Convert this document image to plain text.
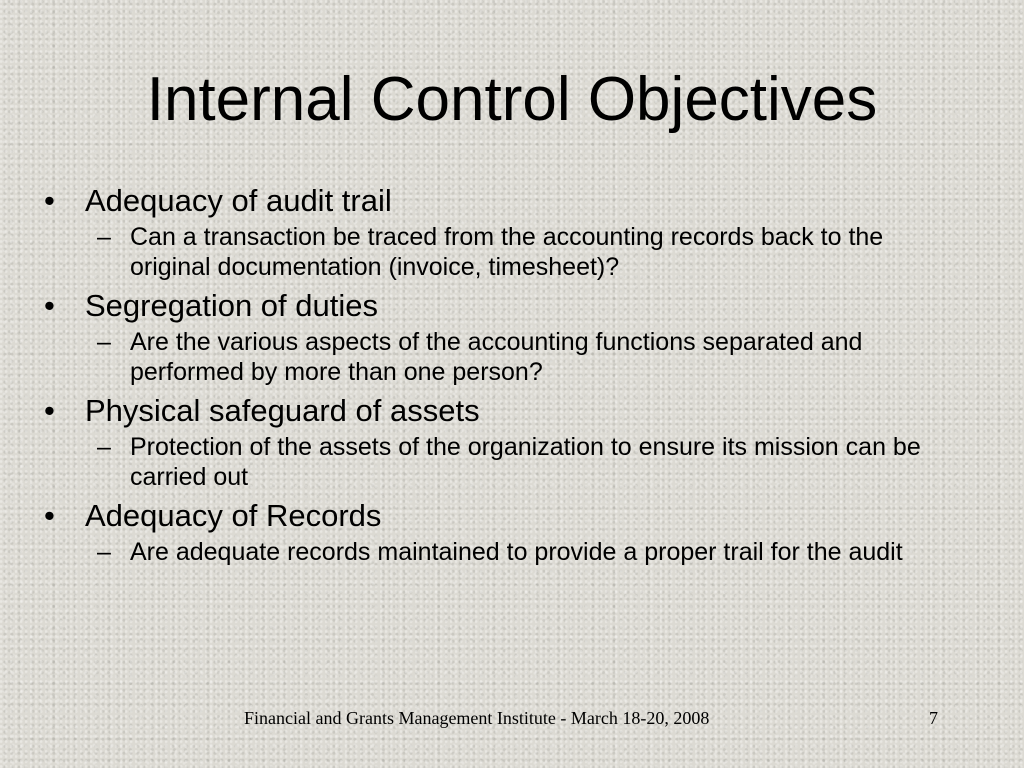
Internal Control Objectives
• Adequacy of audit trail
– Can a transaction be traced from the accounting records back to the original documentation (invoice, timesheet)?
• Segregation of duties
– Are the various aspects of the accounting functions separated and performed by more than one person?
• Physical safeguard of assets
– Protection of the assets of the organization to ensure its mission can be carried out
• Adequacy of Records
– Are adequate records maintained to provide a proper trail for the audit
Financial and Grants Management Institute - March 18-20, 2008	7
